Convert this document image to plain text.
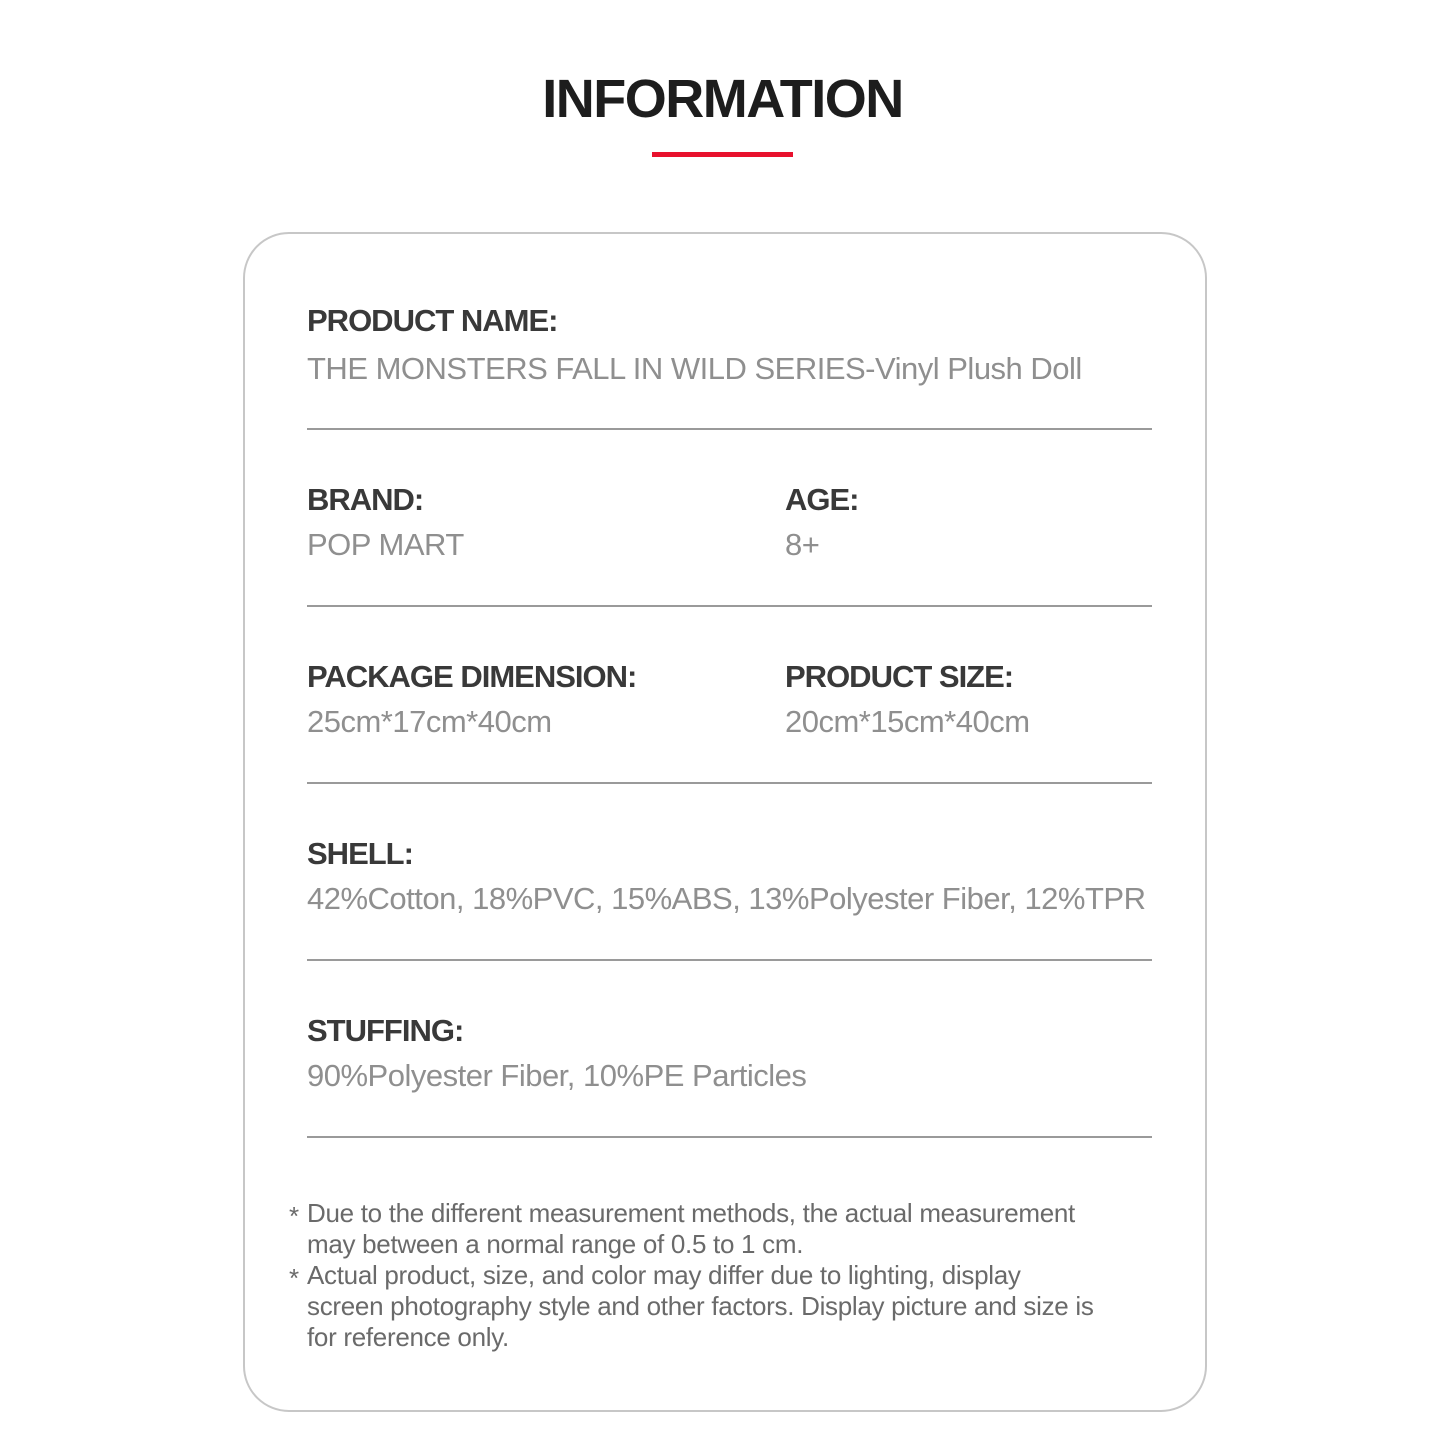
INFORMATION
PRODUCT NAME:
THE MONSTERS FALL IN WILD SERIES-Vinyl Plush Doll
BRAND:
POP MART
AGE:
8+
PACKAGE DIMENSION:
25cm*17cm*40cm
PRODUCT SIZE:
20cm*15cm*40cm
SHELL:
42%Cotton, 18%PVC, 15%ABS, 13%Polyester Fiber, 12%TPR
STUFFING:
90%Polyester Fiber, 10%PE Particles
* Due to the different measurement methods, the actual measurement
may between a normal range of 0.5 to 1 cm.
* Actual product, size, and color may differ due to lighting, display
screen photography style and other factors. Display picture and size is
for reference only.
